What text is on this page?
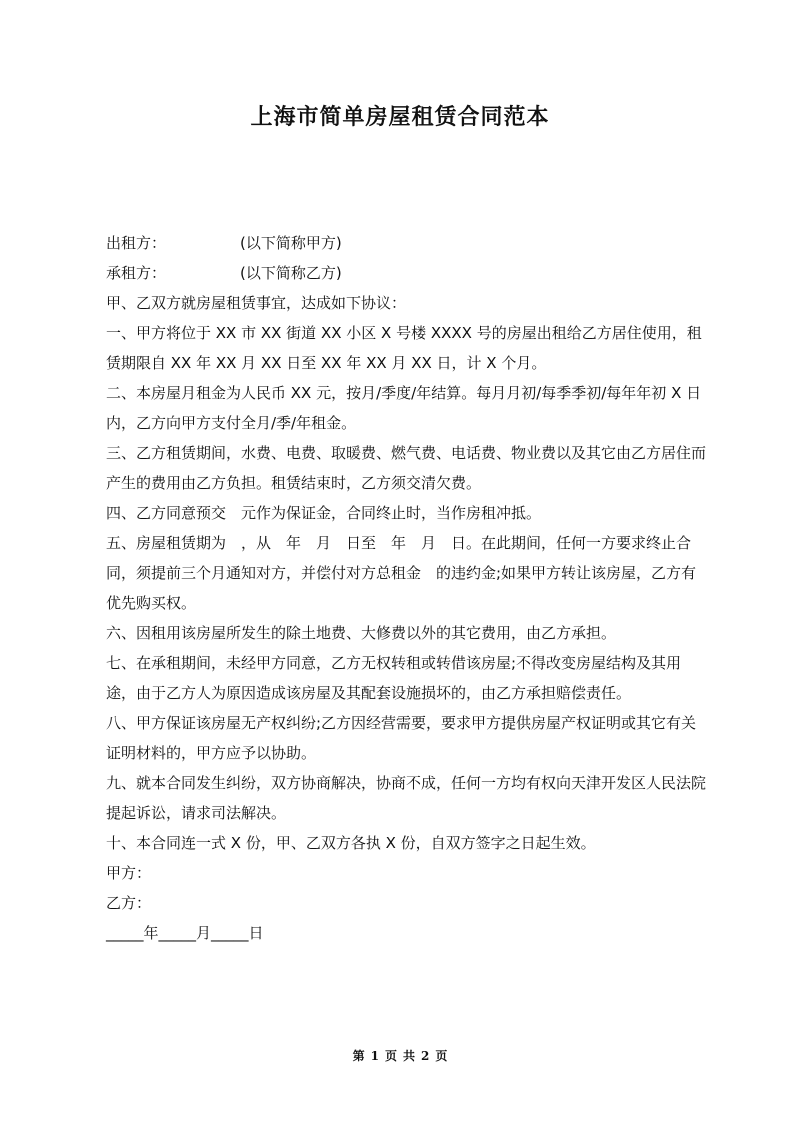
上海市简单房屋租赁合同范本
出租方：	(以下简称甲方)
承租方：	(以下简称乙方)

甲、乙双方就房屋租赁事宜，达成如下协议：

一、甲方将位于 XX 市 XX 街道 XX 小区 X 号楼 XXXX 号的房屋出租给乙方居住使用，租赁期限自 XX 年 XX 月 XX 日至 XX 年 XX 月 XX 日，计 X 个月。

二、本房屋月租金为人民币 XX 元，按月/季度/年结算。每月月初/每季季初/每年年初 X 日内，乙方向甲方支付全月/季/年租金。

三、乙方租赁期间，水费、电费、取暖费、燃气费、电话费、物业费以及其它由乙方居住而产生的费用由乙方负担。租赁结束时，乙方须交清欠费。

四、乙方同意预交　元作为保证金，合同终止时，当作房租冲抵。

五、房屋租赁期为　，从　年　月　日至　年　月　日。在此期间，任何一方要求终止合同，须提前三个月通知对方，并偿付对方总租金　的违约金;如果甲方转让该房屋，乙方有优先购买权。

六、因租用该房屋所发生的除土地费、大修费以外的其它费用，由乙方承担。

七、在承租期间，未经甲方同意，乙方无权转租或转借该房屋;不得改变房屋结构及其用途，由于乙方人为原因造成该房屋及其配套设施损坏的，由乙方承担赔偿责任。

八、甲方保证该房屋无产权纠纷;乙方因经营需要，要求甲方提供房屋产权证明或其它有关证明材料的，甲方应予以协助。

九、就本合同发生纠纷，双方协商解决，协商不成，任何一方均有权向天津开发区人民法院提起诉讼，请求司法解决。

十、本合同连一式 X 份，甲、乙双方各执 X 份，自双方签字之日起生效。

甲方：

乙方：

_____年_____月_____日

第 1 页 共 2 页
